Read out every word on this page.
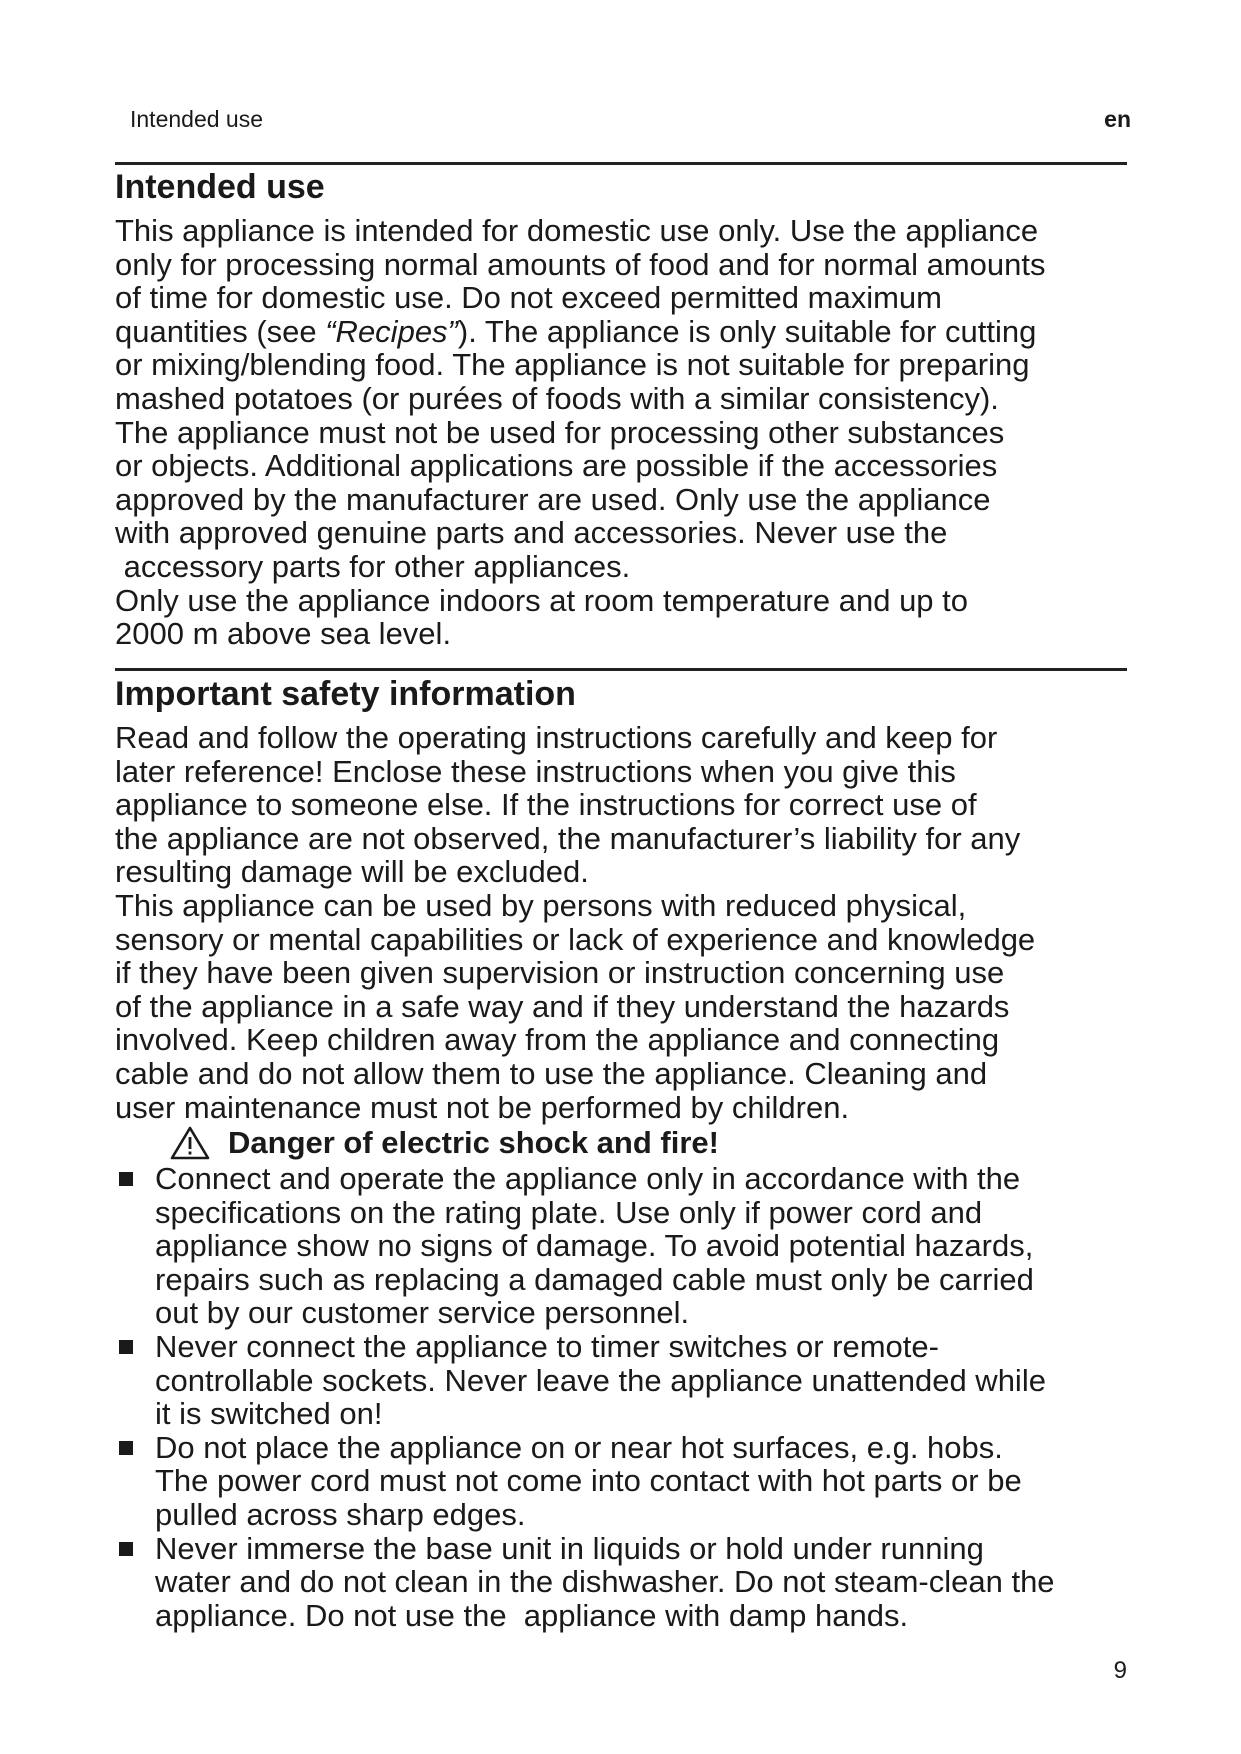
Intended use	en
Intended use

This appliance is intended for domestic use only. Use the appliance
only for processing normal amounts of food and for normal amounts
of time for domestic use. Do not exceed permitted maximum
quantities (see “Recipes”). The appliance is only suitable for cutting
or mixing/blending food. The appliance is not suitable for preparing
mashed potatoes (or purées of foods with a similar consistency).
The appliance must not be used for processing other substances
or objects. Additional applications are possible if the accessories
approved by the manufacturer are used. Only use the appliance
with approved genuine parts and accessories. Never use the
accessory parts for other appliances.
Only use the appliance indoors at room temperature and up to
2000 m above sea level.

Important safety information

Read and follow the operating instructions carefully and keep for
later reference! Enclose these instructions when you give this
appliance to someone else. If the instructions for correct use of
the appliance are not observed, the manufacturer’s liability for any
resulting damage will be excluded.
This appliance can be used by persons with reduced physical,
sensory or mental capabilities or lack of experience and knowledge
if they have been given supervision or instruction concerning use
of the appliance in a safe way and if they understand the hazards
involved. Keep children away from the appliance and connecting
cable and do not allow them to use the appliance. Cleaning and
user maintenance must not be performed by children.

Danger of electric shock and fire!
Connect and operate the appliance only in accordance with the
specifications on the rating plate. Use only if power cord and
appliance show no signs of damage. To avoid potential hazards,
repairs such as replacing a damaged cable must only be carried
out by our customer service personnel.
Never connect the appliance to timer switches or remote-
controllable sockets. Never leave the appliance unattended while
it is switched on!
Do not place the appliance on or near hot surfaces, e.g. hobs.
The power cord must not come into contact with hot parts or be
pulled across sharp edges.
Never immerse the base unit in liquids or hold under running
water and do not clean in the dishwasher. Do not steam-clean the
appliance. Do not use the  appliance with damp hands.
9
